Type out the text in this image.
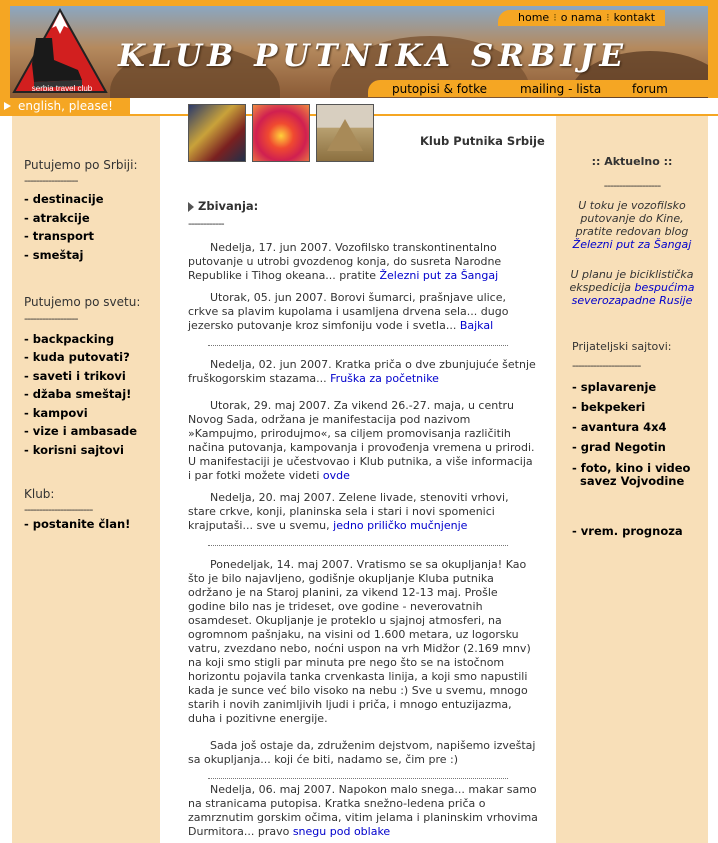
serbia travel club
KLUB PUTNIKA SRBIJE
home ⁝ o nama ⁝ kontakt
putopisi & fotke	mailing - lista	forum
english, please!
Putujemo po Srbiji:
------------------
- destinacije
- atrakcije
- transport
- smeštaj
Putujemo po svetu:
------------------
- backpacking
- kuda putovati?
- saveti i trikovi
- džaba smeštaj!
- kampovi
- vize i ambasade
- korisni sajtovi
Klub:
-----------------------
- postanite član!
Klub Putnika Srbije
Zbivanja:
------------
Nedelja, 17. jun 2007. Vozofilsko transkontinentalno putovanje u utrobi gvozdenog konja, do susreta Narodne Republike i Tihog okeana... pratite Železni put za Šangaj
Utorak, 05. jun 2007. Borovi šumarci, prašnjave ulice, crkve sa plavim kupolama i usamljena drvena sela... dugo jezersko putovanje kroz simfoniju vode i svetla... Bajkal
Nedelja, 02. jun 2007. Kratka priča o dve zbunjujuće šetnje fruškogorskim stazama... Fruška za početnike
Utorak, 29. maj 2007. Za vikend 26.-27. maja, u centru Novog Sada, održana je manifestacija pod nazivom »Kampujmo, prirodujmo«, sa ciljem promovisanja različitih načina putovanja, kampovanja i provođenja vremena u prirodi. U manifestaciji je učestvovao i Klub putnika, a više informacija i par fotki možete videti ovde
Nedelja, 20. maj 2007. Zelene livade, stenoviti vrhovi, stare crkve, konji, planinska sela i stari i novi spomenici krajputaši... sve u svemu, jedno priličko mučnjenje
Ponedeljak, 14. maj 2007. Vratismo se sa okupljanja! Kao što je bilo najavljeno, godišnje okupljanje Kluba putnika održano je na Staroj planini, za vikend 12-13 maj. Prošle godine bilo nas je trideset, ove godine - neverovatnih osamdeset. Okupljanje je proteklo u sjajnoj atmosferi, na ogromnom pašnjaku, na visini od 1.600 metara, uz logorsku vatru, zvezdano nebo, noćni uspon na vrh Midžor (2.169 mnv) na koji smo stigli par minuta pre nego što se na istočnom horizontu pojavila tanka crvenkasta linija, a koji smo napustili kada je sunce već bilo visoko na nebu :) Sve u svemu, mnogo starih i novih zanimljivih ljudi i priča, i mnogo entuzijazma, duha i pozitivne energije.
Sada još ostaje da, združenim dejstvom, napišemo izveštaj sa okupljanja... koji će biti, nadamo se, čim pre :)
Nedelja, 06. maj 2007. Napokon malo snega... makar samo na stranicama putopisa. Kratka snežno-ledena priča o zamrznutim gorskim očima, vitim jelama i planinskim vrhovima Durmitora... pravo snegu pod oblake
:: Aktuelno ::
-------------------
U toku je vozofilsko putovanje do Kine, pratite redovan blog Železni put za Šangaj
U planu je biciklistička ekspedicija bespućima severozapadne Rusije
Prijateljski sajtovi:
-----------------------
- splavarenje
- bekpekeri
- avantura 4x4
- grad Negotin
- foto, kino i video
savez Vojvodine
- vrem. prognoza
